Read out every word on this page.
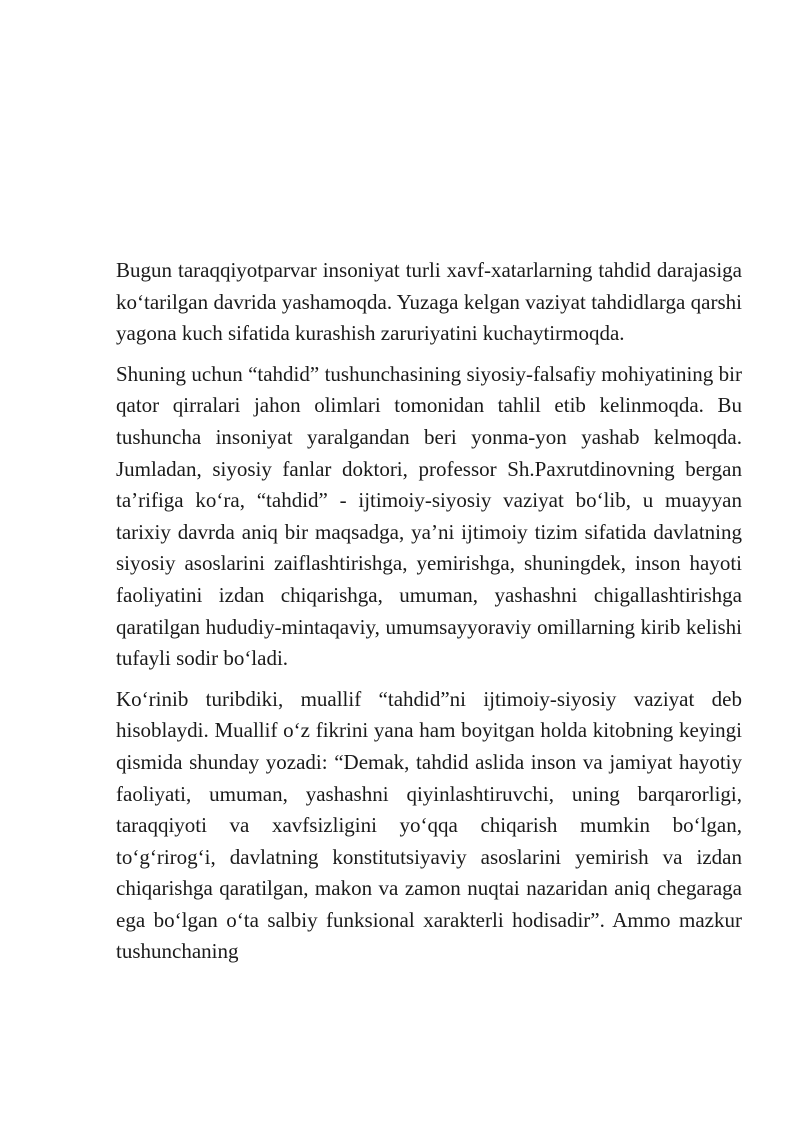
Bugun taraqqiyotparvar insoniyat turli xavf-xatarlarning tahdid darajasiga ko‘tarilgan davrida yashamoqda. Yuzaga kelgan vaziyat tahdidlarga qarshi yagona kuch sifatida kurashish zaruriyatini kuchaytirmoqda.

Shuning uchun “tahdid” tushunchasining siyosiy-falsafiy mohiyatining bir qator qirralari jahon olimlari tomonidan tahlil etib kelinmoqda. Bu tushuncha insoniyat yaralgandan beri yonma-yon yashab kelmoqda. Jumladan, siyosiy fanlar doktori, professor Sh.Paxrutdinovning bergan ta’rifiga ko‘ra, “tahdid” - ijtimoiy-siyosiy vaziyat bo‘lib, u muayyan tarixiy davrda aniq bir maqsadga, ya’ni ijtimoiy tizim sifatida davlatning siyosiy asoslarini zaiflashtirishga, yemirishga, shuningdek, inson hayoti faoliyatini izdan chiqarishga, umuman, yashashni chigallashtirishga qaratilgan hududiy-mintaqaviy, umumsayyoraviy omillarning kirib kelishi tufayli sodir bo‘ladi.

Ko‘rinib turibdiki, muallif “tahdid”ni ijtimoiy-siyosiy vaziyat deb hisoblaydi. Muallif o‘z fikrini yana ham boyitgan holda kitobning keyingi qismida shunday yozadi: “Demak, tahdid aslida inson va jamiyat hayotiy faoliyati, umuman, yashashni qiyinlashtiruvchi, uning barqarorligi, taraqqiyoti va xavfsizligini yo‘qqa chiqarish mumkin bo‘lgan, to‘g‘rirog‘i, davlatning konstitutsiyaviy asoslarini yemirish va izdan chiqarishga qaratilgan, makon va zamon nuqtai nazaridan aniq chegaraga ega bo‘lgan o‘ta salbiy funksional xarakterli hodisadir”. Ammo mazkur tushunchaning
